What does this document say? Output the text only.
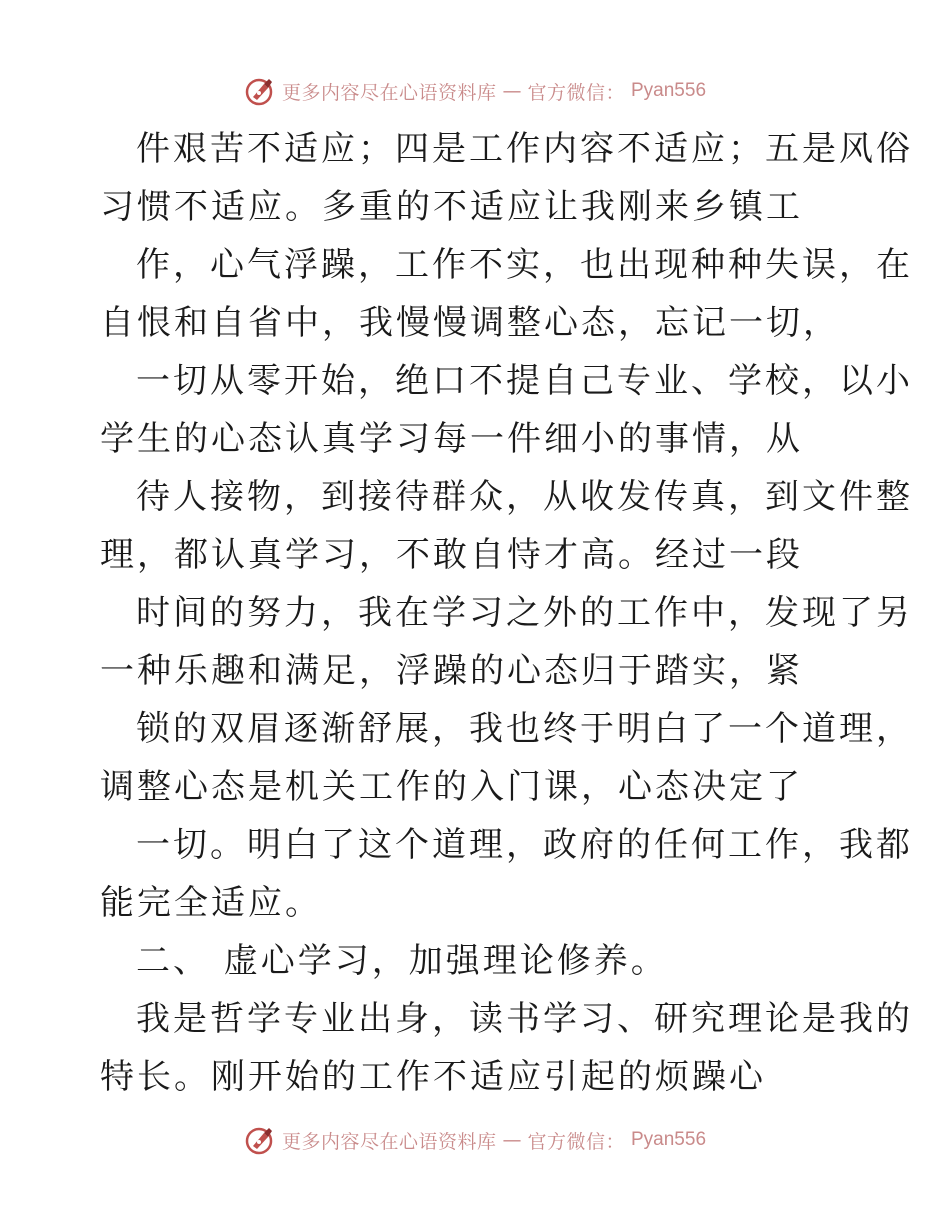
更多内容尽在心语资料库 — 官方微信： Pyan556
件艰苦不适应；四是工作内容不适应；五是风俗
习惯不适应。多重的不适应让我刚来乡镇工
作，心气浮躁，工作不实，也出现种种失误，在
自恨和自省中，我慢慢调整心态，忘记一切，
一切从零开始，绝口不提自己专业、学校，以小
学生的心态认真学习每一件细小的事情，从
待人接物，到接待群众，从收发传真，到文件整
理，都认真学习，不敢自恃才高。经过一段
时间的努力，我在学习之外的工作中，发现了另
一种乐趣和满足，浮躁的心态归于踏实，紧
锁的双眉逐渐舒展，我也终于明白了一个道理，
调整心态是机关工作的入门课，心态决定了
一切。明白了这个道理，政府的任何工作，我都
能完全适应。
二、 虚心学习，加强理论修养。
我是哲学专业出身，读书学习、研究理论是我的
特长。刚开始的工作不适应引起的烦躁心
更多内容尽在心语资料库 — 官方微信： Pyan556
